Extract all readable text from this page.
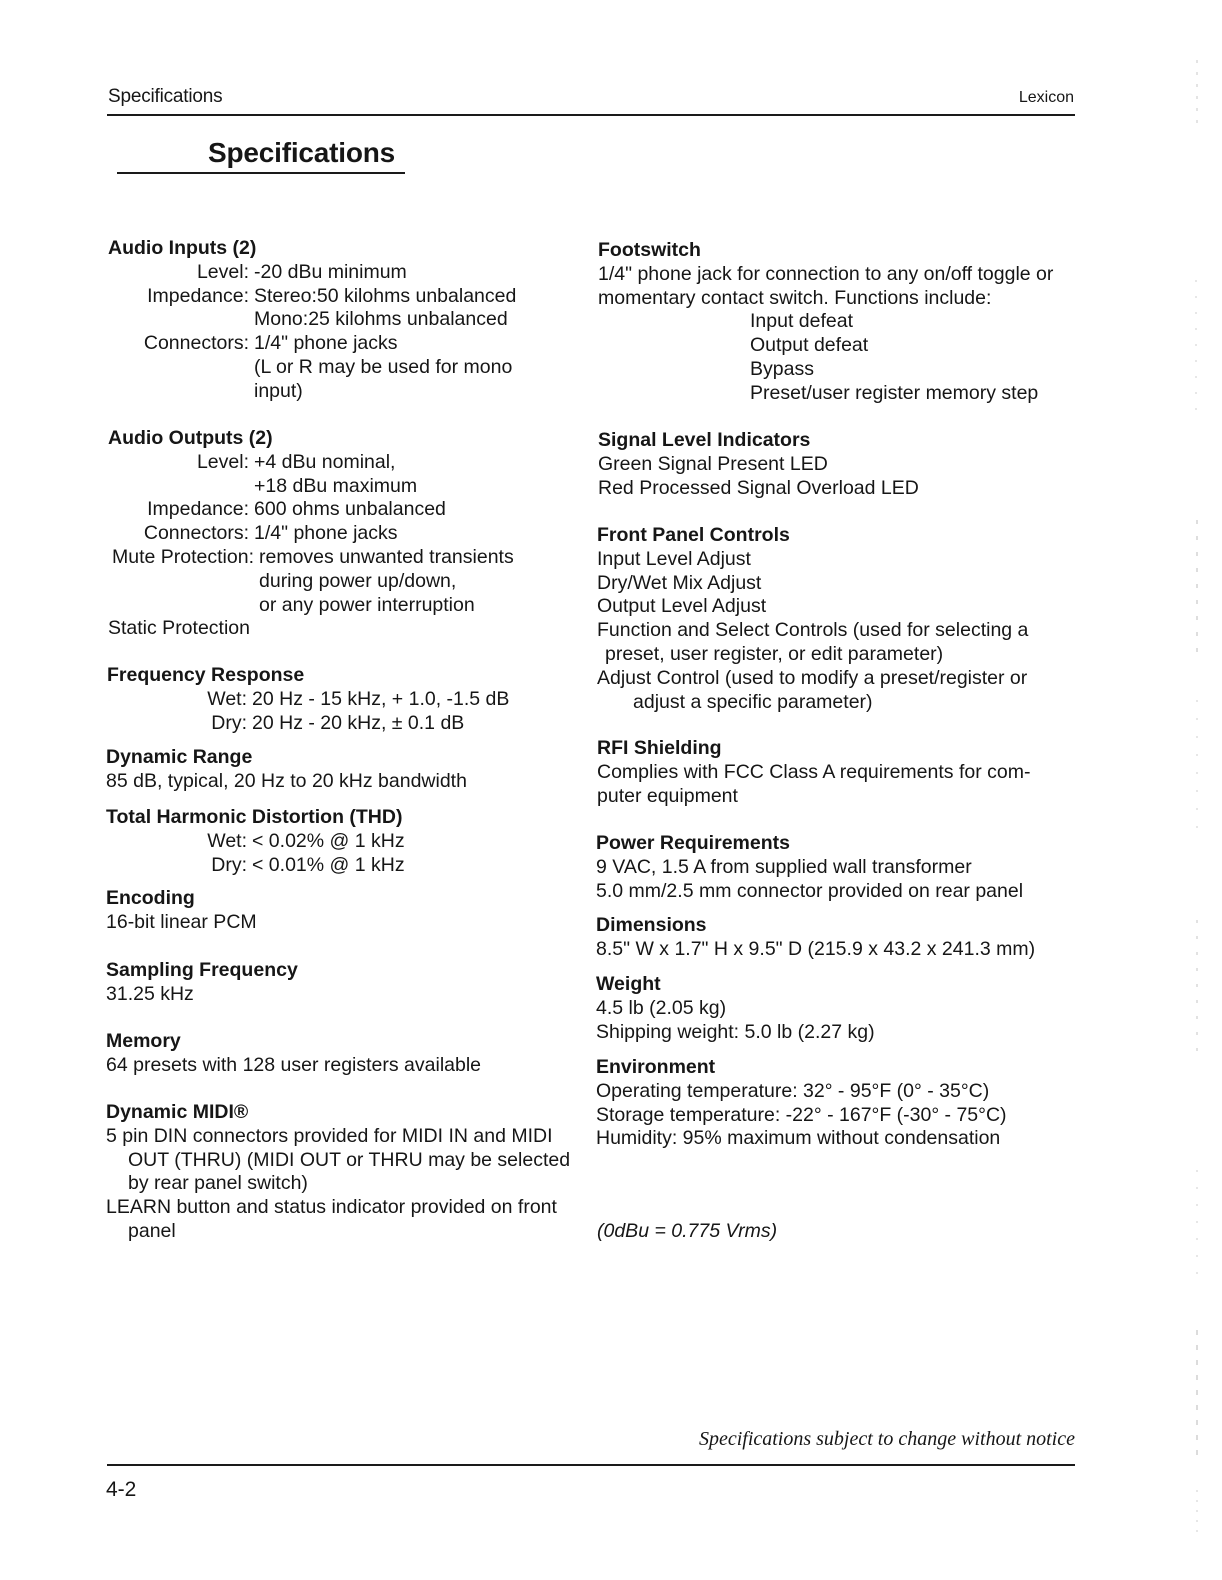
Specifications	Lexicon
Specifications
Audio Inputs (2)
Level: -20 dBu minimum
Impedance: Stereo:50 kilohms unbalanced
Mono:25 kilohms unbalanced
Connectors: 1/4" phone jacks
(L or R may be used for mono
input)
Audio Outputs (2)
Level: +4 dBu nominal,
+18 dBu maximum
Impedance: 600 ohms unbalanced
Connectors: 1/4" phone jacks
Mute Protection: removes unwanted transients
during power up/down,
or any power interruption

Static Protection

Frequency Response
Wet: 20 Hz - 15 kHz, + 1.0, -1.5 dB
Dry: 20 Hz - 20 kHz, ± 0.1 dB
Dynamic Range

85 dB, typical, 20 Hz to 20 kHz bandwidth

Total Harmonic Distortion (THD)
Wet: < 0.02% @ 1 kHz
Dry: < 0.01% @ 1 kHz
Encoding

16-bit linear PCM

Sampling Frequency

31.25 kHz

Memory

64 presets with 128 user registers available

Dynamic MIDI®

5 pin DIN connectors provided for MIDI IN and MIDI OUT (THRU) (MIDI OUT or THRU may be selected by rear panel switch)

LEARN button and status indicator provided on front panel

Footswitch

1/4" phone jack for connection to any on/off toggle or momentary contact switch. Functions include:

Input defeat

Output defeat

Bypass

Preset/user register memory step

Signal Level Indicators

Green Signal Present LED

Red Processed Signal Overload LED

Front Panel Controls

Input Level Adjust

Dry/Wet Mix Adjust

Output Level Adjust

Function and Select Controls (used for selecting a preset, user register, or edit parameter)

Adjust Control (used to modify a preset/register or adjust a specific parameter)

RFI Shielding

Complies with FCC Class A requirements for com- puter equipment

Power Requirements

9 VAC, 1.5 A from supplied wall transformer

5.0 mm/2.5 mm connector provided on rear panel

Dimensions

8.5" W x 1.7" H x 9.5" D (215.9 x 43.2 x 241.3 mm)

Weight

4.5 lb (2.05 kg)

Shipping weight: 5.0 lb (2.27 kg)

Environment

Operating temperature: 32° - 95°F (0° - 35°C)

Storage temperature: -22° - 167°F (-30° - 75°C)

Humidity: 95% maximum without condensation

(0dBu = 0.775 Vrms)
Specifications subject to change without notice
4-2
